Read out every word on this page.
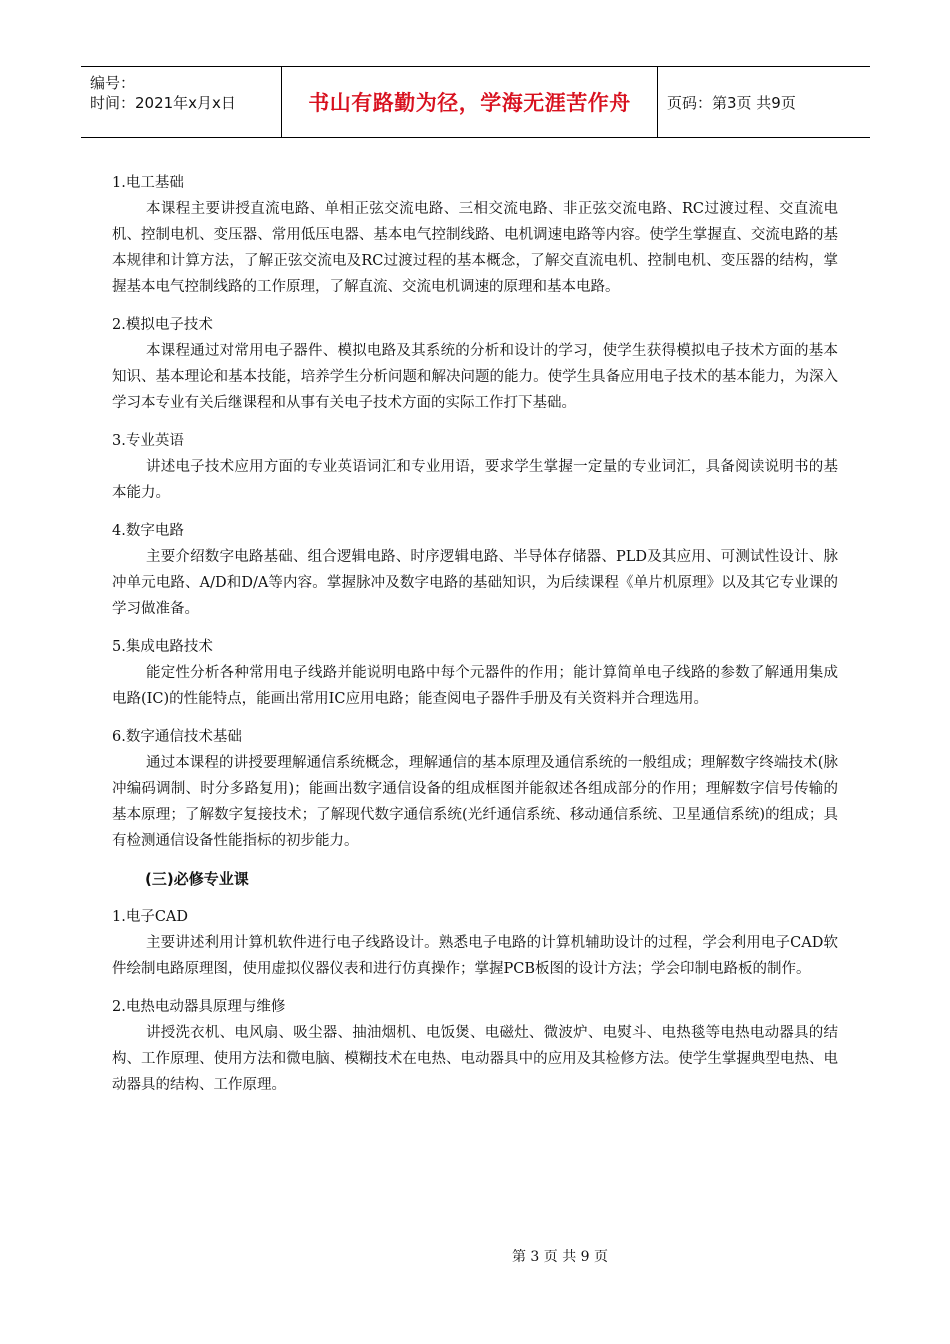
编号：
时间：2021年x月x日	书山有路勤为径，学海无涯苦作舟	页码：第3页 共9页

1.电工基础

本课程主要讲授直流电路、单相正弦交流电路、三相交流电路、非正弦交流电路、RC过渡过程、交直流电机、控制电机、变压器、常用低压电器、基本电气控制线路、电机调速电路等内容。使学生掌握直、交流电路的基本规律和计算方法，了解正弦交流电及RC过渡过程的基本概念，了解交直流电机、控制电机、变压器的结构，掌握基本电气控制线路的工作原理，了解直流、交流电机调速的原理和基本电路。

2.模拟电子技术

本课程通过对常用电子器件、模拟电路及其系统的分析和设计的学习，使学生获得模拟电子技术方面的基本知识、基本理论和基本技能，培养学生分析问题和解决问题的能力。使学生具备应用电子技术的基本能力，为深入学习本专业有关后继课程和从事有关电子技术方面的实际工作打下基础。

3.专业英语

讲述电子技术应用方面的专业英语词汇和专业用语，要求学生掌握一定量的专业词汇，具备阅读说明书的基本能力。

4.数字电路

主要介绍数字电路基础、组合逻辑电路、时序逻辑电路、半导体存储器、PLD及其应用、可测试性设计、脉冲单元电路、A/D和D/A等内容。掌握脉冲及数字电路的基础知识，为后续课程《单片机原理》以及其它专业课的学习做准备。

5.集成电路技术

能定性分析各种常用电子线路并能说明电路中每个元器件的作用；能计算简单电子线路的参数了解通用集成电路(IC)的性能特点，能画出常用IC应用电路；能查阅电子器件手册及有关资料并合理选用。

6.数字通信技术基础

通过本课程的讲授要理解通信系统概念，理解通信的基本原理及通信系统的一般组成；理解数字终端技术(脉冲编码调制、时分多路复用)；能画出数字通信设备的组成框图并能叙述各组成部分的作用；理解数字信号传输的基本原理；了解数字复接技术；了解现代数字通信系统(光纤通信系统、移动通信系统、卫星通信系统)的组成；具有检测通信设备性能指标的初步能力。

(三)必修专业课

1.电子CAD

主要讲述利用计算机软件进行电子线路设计。熟悉电子电路的计算机辅助设计的过程，学会利用电子CAD软件绘制电路原理图，使用虚拟仪器仪表和进行仿真操作；掌握PCB板图的设计方法；学会印制电路板的制作。

2.电热电动器具原理与维修

讲授洗衣机、电风扇、吸尘器、抽油烟机、电饭煲、电磁灶、微波炉、电熨斗、电热毯等电热电动器具的结构、工作原理、使用方法和微电脑、模糊技术在电热、电动器具中的应用及其检修方法。使学生掌握典型电热、电动器具的结构、工作原理。

第 3 页 共 9 页
